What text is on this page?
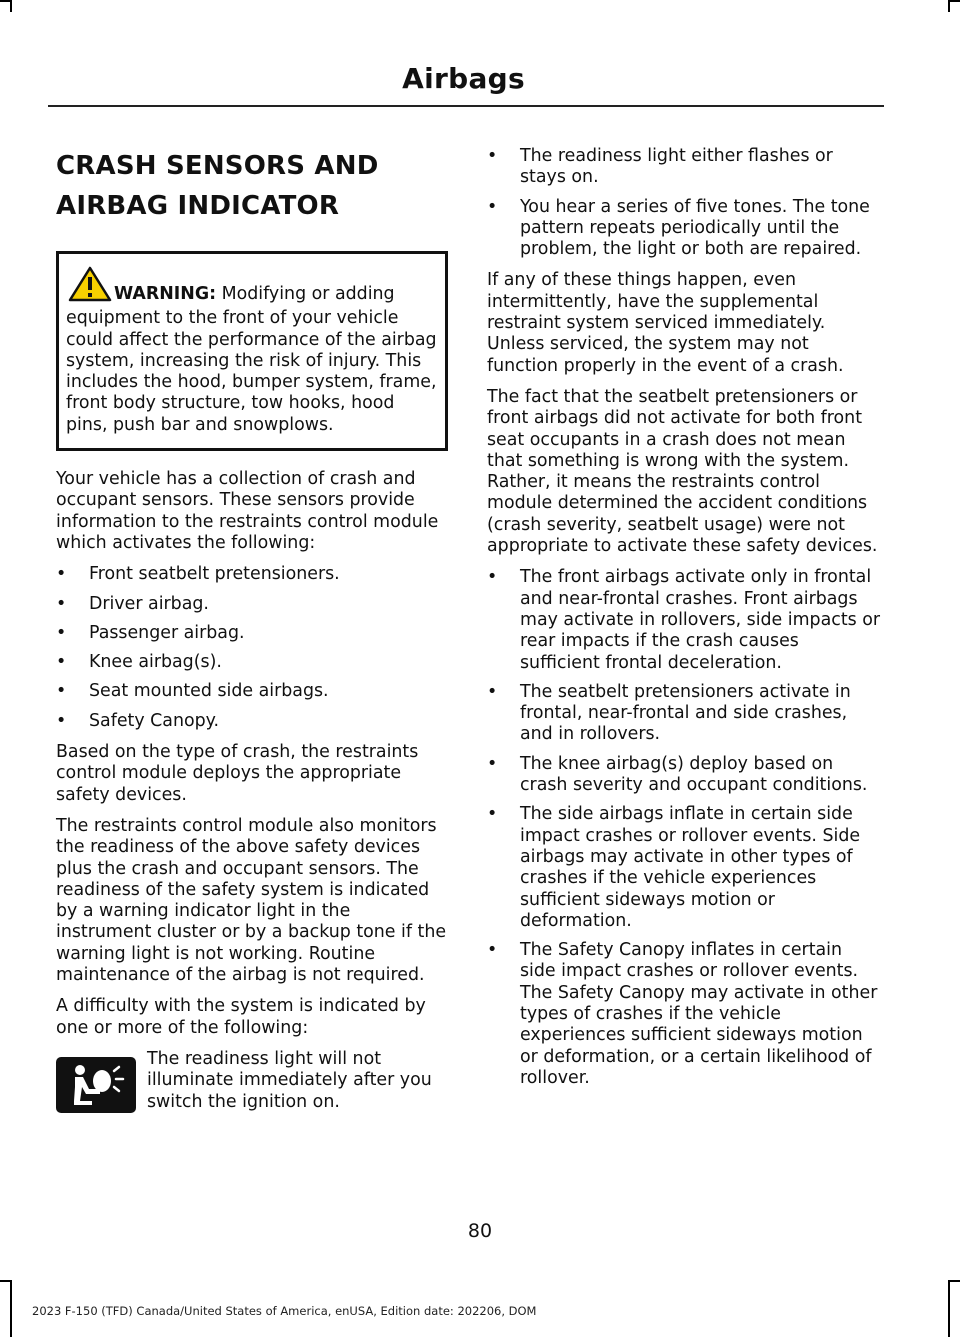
Airbags
CRASH SENSORS AND
AIRBAG INDICATOR
WARNING: Modifying or adding equipment to the front of your vehicle could affect the performance of the airbag system, increasing the risk of injury. This includes the hood, bumper system, frame, front body structure, tow hooks, hood pins, push bar and snowplows.

Your vehicle has a collection of crash and occupant sensors. These sensors provide information to the restraints control module which activates the following:

• Front seatbelt pretensioners.
• Driver airbag.
• Passenger airbag.
• Knee airbag(s).
• Seat mounted side airbags.
• Safety Canopy.

Based on the type of crash, the restraints control module deploys the appropriate safety devices.

The restraints control module also monitors the readiness of the above safety devices plus the crash and occupant sensors. The readiness of the safety system is indicated by a warning indicator light in the instrument cluster or by a backup tone if the warning light is not working. Routine maintenance of the airbag is not required.

A difficulty with the system is indicated by one or more of the following:

The readiness light will not illuminate immediately after you switch the ignition on.

• The readiness light either flashes or stays on.
• You hear a series of five tones. The tone pattern repeats periodically until the problem, the light or both are repaired.

If any of these things happen, even intermittently, have the supplemental restraint system serviced immediately. Unless serviced, the system may not function properly in the event of a crash.

The fact that the seatbelt pretensioners or front airbags did not activate for both front seat occupants in a crash does not mean that something is wrong with the system. Rather, it means the restraints control module determined the accident conditions (crash severity, seatbelt usage) were not appropriate to activate these safety devices.

• The front airbags activate only in frontal and near-frontal crashes. Front airbags may activate in rollovers, side impacts or rear impacts if the crash causes sufficient frontal deceleration.
• The seatbelt pretensioners activate in frontal, near-frontal and side crashes, and in rollovers.
• The knee airbag(s) deploy based on crash severity and occupant conditions.
• The side airbags inflate in certain side impact crashes or rollover events. Side airbags may activate in other types of crashes if the vehicle experiences sufficient sideways motion or deformation.
• The Safety Canopy inflates in certain side impact crashes or rollover events. The Safety Canopy may activate in other types of crashes if the vehicle experiences sufficient sideways motion or deformation, or a certain likelihood of rollover.
80
2023 F-150 (TFD) Canada/United States of America, enUSA, Edition date: 202206, DOM
